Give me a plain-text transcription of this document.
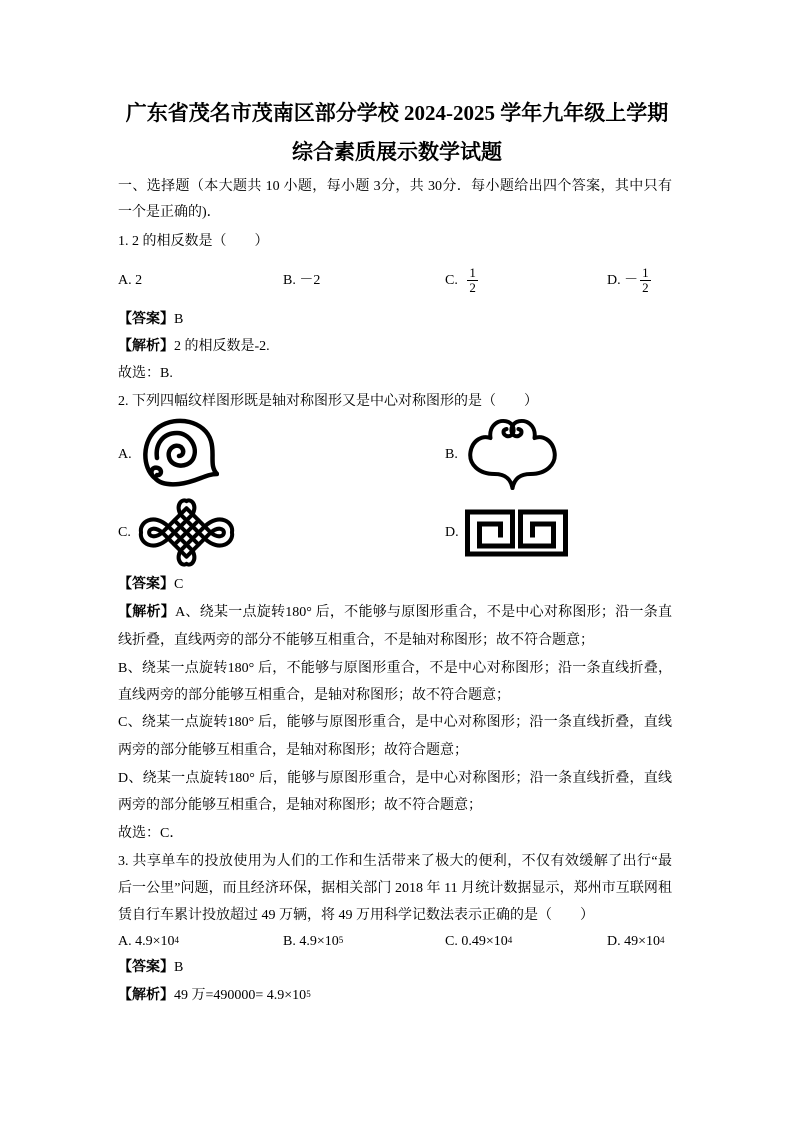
广东省茂名市茂南区部分学校 2024-2025 学年九年级上学期
综合素质展示数学试题
一、选择题（本大题共 10 小题，每小题 3分，共 30分．每小题给出四个答案，其中只有
一个是正确的)．
1. 2 的相反数是（　　）
A. 2	B. －2	C. $\frac{1}{2}$	D. － $\frac{1}{2}$
【答案】B
【解析】2 的相反数是-2.
故选：B.
2. 下列四幅纹样图形既是轴对称图形又是中心对称图形的是（　　）
A.	B.
C.	D.
【答案】C
【解析】A、绕某一点旋转180° 后，不能够与原图形重合，不是中心对称图形；沿一条直
线折叠，直线两旁的部分不能够互相重合，不是轴对称图形；故不符合题意；
B、绕某一点旋转180° 后，不能够与原图形重合，不是中心对称图形；沿一条直线折叠，
直线两旁的部分能够互相重合，是轴对称图形；故不符合题意；
C、绕某一点旋转180° 后，能够与原图形重合，是中心对称图形；沿一条直线折叠，直线
两旁的部分能够互相重合，是轴对称图形；故符合题意；
D、绕某一点旋转180° 后，能够与原图形重合，是中心对称图形；沿一条直线折叠，直线
两旁的部分能够互相重合，是轴对称图形；故不符合题意；
故选：C．
3. 共享单车的投放使用为人们的工作和生活带来了极大的便利，不仅有效缓解了出行“最
后一公里”问题，而且经济环保，据相关部门 2018 年 11 月统计数据显示，郑州市互联网租
赁自行车累计投放超过 49 万辆，将 49 万用科学记数法表示正确的是（　　）
A. $4.9\times 10^4$	B. $4.9\times 10^5$	C. $0.49\times 10^4$	D. $49\times 10^4$
【答案】B
【解析】49 万$=490000= 4.9\times 10^5$
